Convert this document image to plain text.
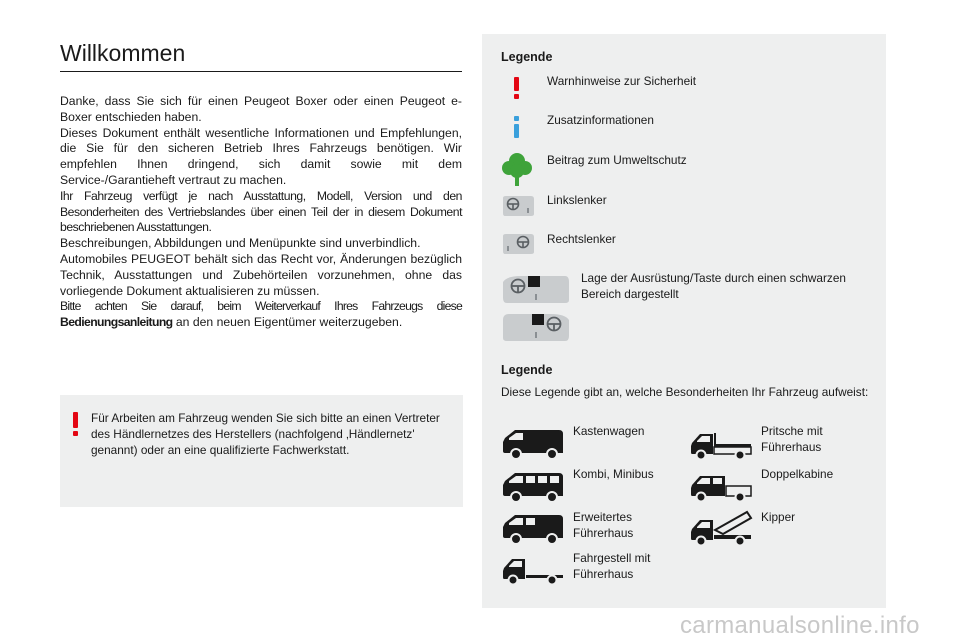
Willkommen

Danke, dass Sie sich für einen Peugeot Boxer oder einen Peugeot e-Boxer entschieden haben.

Dieses Dokument enthält wesentliche Informationen und Empfehlungen, die Sie für den sicheren Betrieb Ihres Fahrzeugs benötigen. Wir empfehlen Ihnen dringend, sich damit sowie mit dem Service-/Garantieheft vertraut zu machen.

Ihr Fahrzeug verfügt je nach Ausstattung, Modell, Version und den Besonderheiten des Vertriebslandes über einen Teil der in diesem Dokument beschriebenen Ausstattungen.

Beschreibungen, Abbildungen und Menüpunkte sind unverbindlich.

Automobiles PEUGEOT behält sich das Recht vor, Änderungen bezüglich Technik, Ausstattungen und Zubehörteilen vorzunehmen, ohne das vorliegende Dokument aktualisieren zu müssen.

Bitte achten Sie darauf, beim Weiterverkauf Ihres Fahrzeugs diese Bedienungsanleitung an den neuen Eigentümer weiterzugeben.

Für Arbeiten am Fahrzeug wenden Sie sich bitte an einen Vertreter des Händlernetzes des Herstellers (nachfolgend ‚Händlernetz' genannt) oder an eine qualifizierte Fachwerkstatt.
Legende
Warnhinweise zur Sicherheit
Zusatzinformationen
Beitrag zum Umweltschutz
Linkslenker
Rechtslenker
Lage der Ausrüstung/Taste durch einen schwarzen Bereich dargestellt
Legende
Diese Legende gibt an, welche Besonderheiten Ihr Fahrzeug aufweist:
Kastenwagen	Pritsche mit
Führerhaus
Kombi, Minibus	Doppelkabine
Erweitertes
Führerhaus
Kipper
Fahrgestell mit
Führerhaus
carmanualsonline.info
